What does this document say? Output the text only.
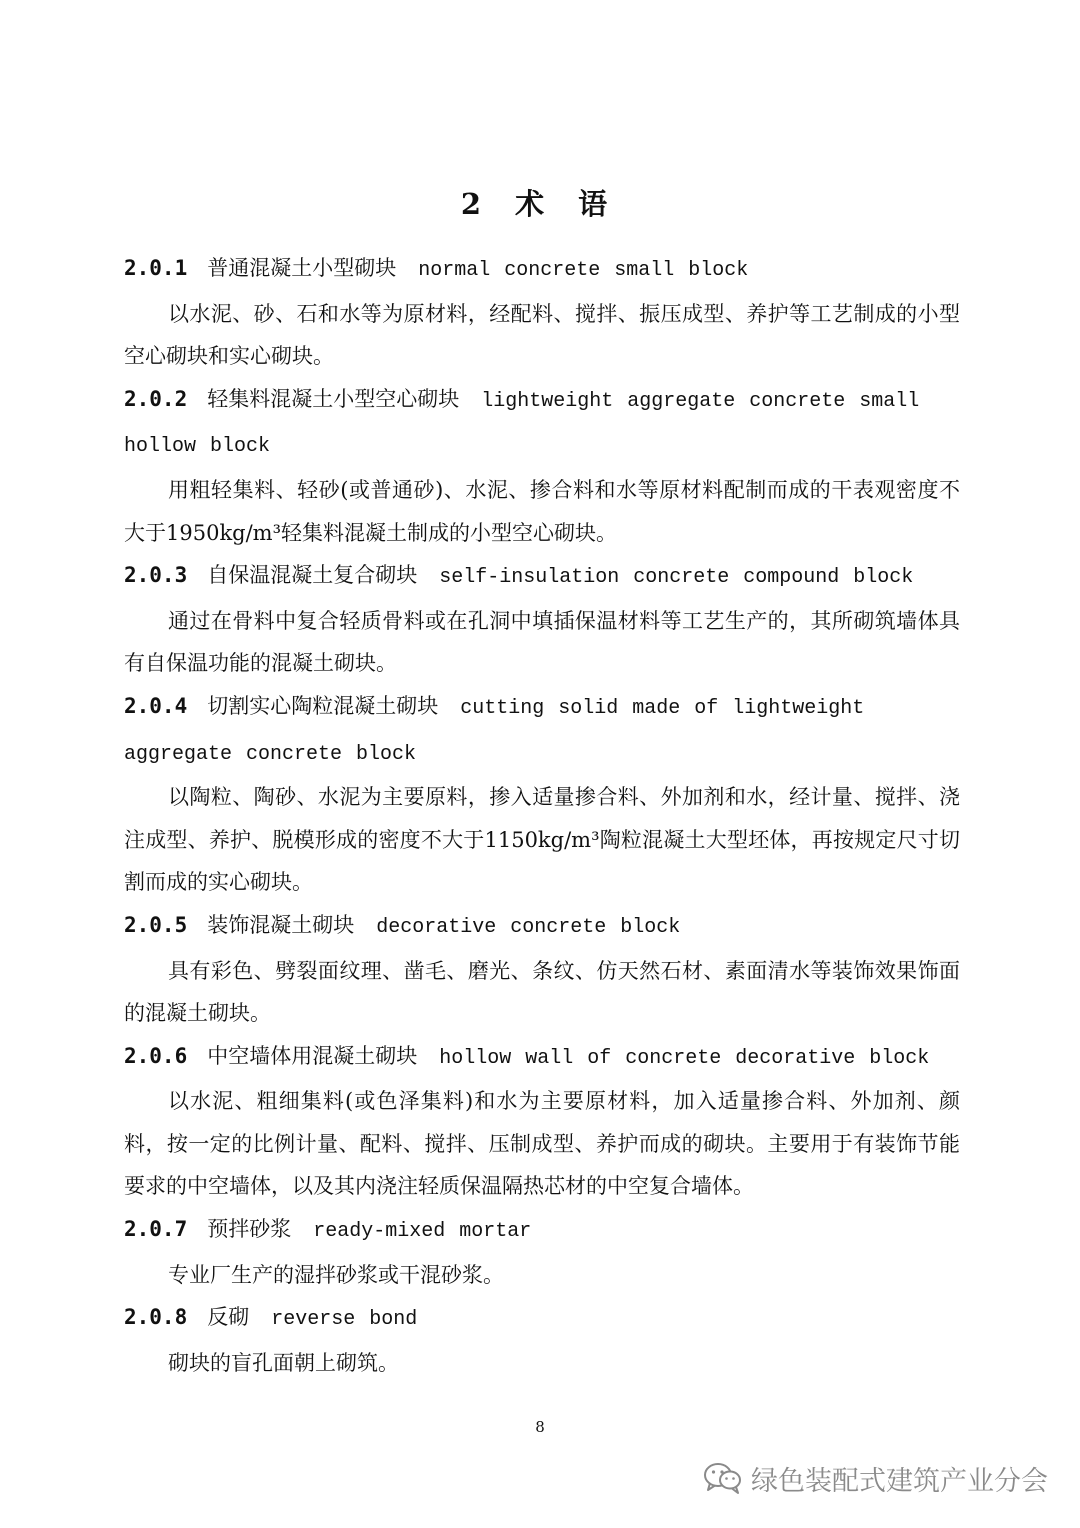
2 术 语

2.0.1 普通混凝土小型砌块 normal concrete small block

以水泥、砂、石和水等为原材料，经配料、搅拌、振压成型、养护等工艺制成的小型空心砌块和实心砌块。

2.0.2 轻集料混凝土小型空心砌块 lightweight aggregate concrete small hollow block

用粗轻集料、轻砂(或普通砂)、水泥、掺合料和水等原材料配制而成的干表观密度不大于1950kg/m³轻集料混凝土制成的小型空心砌块。

2.0.3 自保温混凝土复合砌块 self-insulation concrete compound block

通过在骨料中复合轻质骨料或在孔洞中填插保温材料等工艺生产的，其所砌筑墙体具有自保温功能的混凝土砌块。

2.0.4 切割实心陶粒混凝土砌块 cutting solid made of lightweight aggregate concrete block

以陶粒、陶砂、水泥为主要原料，掺入适量掺合料、外加剂和水，经计量、搅拌、浇注成型、养护、脱模形成的密度不大于1150kg/m³陶粒混凝土大型坯体，再按规定尺寸切割而成的实心砌块。

2.0.5 装饰混凝土砌块 decorative concrete block

具有彩色、劈裂面纹理、凿毛、磨光、条纹、仿天然石材、素面清水等装饰效果饰面的混凝土砌块。

2.0.6 中空墙体用混凝土砌块 hollow wall of concrete decorative block

以水泥、粗细集料(或色泽集料)和水为主要原材料，加入适量掺合料、外加剂、颜料，按一定的比例计量、配料、搅拌、压制成型、养护而成的砌块。主要用于有装饰节能要求的中空墙体，以及其内浇注轻质保温隔热芯材的中空复合墙体。

2.0.7 预拌砂浆 ready-mixed mortar

专业厂生产的湿拌砂浆或干混砂浆。

2.0.8 反砌 reverse bond

砌块的盲孔面朝上砌筑。

8
绿色装配式建筑产业分会
